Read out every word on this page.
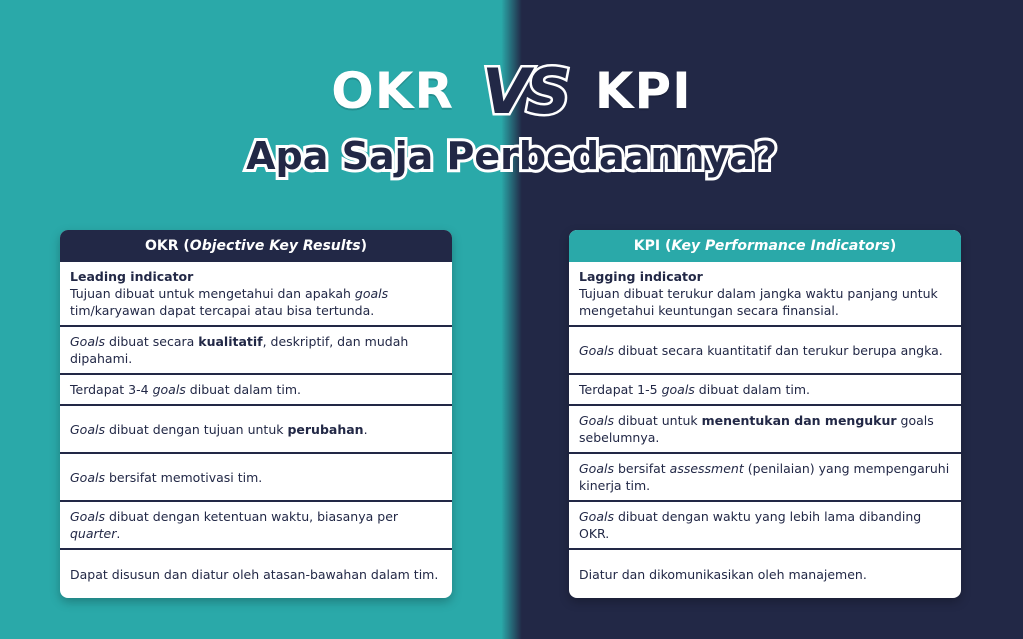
OKR VS KPI
Apa Saja Perbedaannya?
OKR (Objective Key Results)
Leading indicator
Tujuan dibuat untuk mengetahui dan apakah goals tim/karyawan dapat tercapai atau bisa tertunda.
Goals dibuat secara kualitatif, deskriptif, dan mudah dipahami.
Terdapat 3-4 goals dibuat dalam tim.
Goals dibuat dengan tujuan untuk perubahan.
Goals bersifat memotivasi tim.
Goals dibuat dengan ketentuan waktu, biasanya per quarter.
Dapat disusun dan diatur oleh atasan-bawahan dalam tim.
KPI (Key Performance Indicators)
Lagging indicator
Tujuan dibuat terukur dalam jangka waktu panjang untuk mengetahui keuntungan secara finansial.
Goals dibuat secara kuantitatif dan terukur berupa angka.
Terdapat 1-5 goals dibuat dalam tim.
Goals dibuat untuk menentukan dan mengukur goals sebelumnya.
Goals bersifat assessment (penilaian) yang mempengaruhi kinerja tim.
Goals dibuat dengan waktu yang lebih lama dibanding OKR.
Diatur dan dikomunikasikan oleh manajemen.
